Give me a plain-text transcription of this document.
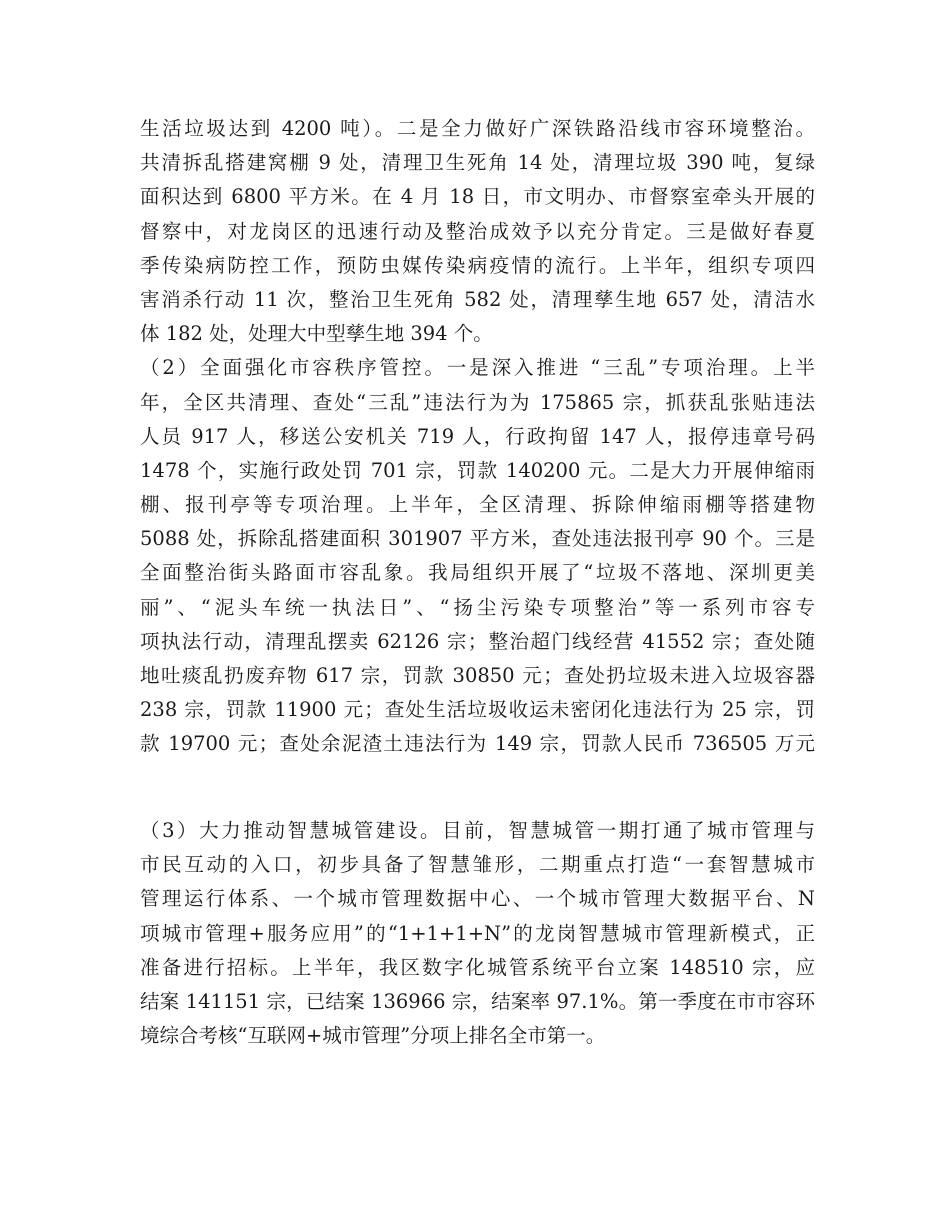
生活垃圾达到 4200 吨）。二是全力做好广深铁路沿线市容环境整治。
共清拆乱搭建窝棚 9 处，清理卫生死角 14 处，清理垃圾 390 吨，复绿
面积达到 6800 平方米。在 4 月 18 日，市文明办、市督察室牵头开展的
督察中，对龙岗区的迅速行动及整治成效予以充分肯定。三是做好春夏
季传染病防控工作，预防虫媒传染病疫情的流行。上半年，组织专项四
害消杀行动 11 次，整治卫生死角 582 处，清理孳生地 657 处，清洁水
体 182 处，处理大中型孳生地 394 个。
（2）全面强化市容秩序管控。一是深入推进 “三乱”专项治理。上半
年，全区共清理、查处“三乱”违法行为为 175865 宗，抓获乱张贴违法
人员 917 人，移送公安机关 719 人，行政拘留 147 人，报停违章号码
1478 个，实施行政处罚 701 宗，罚款 140200 元。二是大力开展伸缩雨
棚、报刊亭等专项治理。上半年，全区清理、拆除伸缩雨棚等搭建物
5088 处，拆除乱搭建面积 301907 平方米，查处违法报刊亭 90 个。三是
全面整治街头路面市容乱象。我局组织开展了“垃圾不落地、深圳更美
丽”、“泥头车统一执法日”、“扬尘污染专项整治”等一系列市容专
项执法行动，清理乱摆卖 62126 宗；整治超门线经营 41552 宗；查处随
地吐痰乱扔废弃物 617 宗，罚款 30850 元；查处扔垃圾未进入垃圾容器
238 宗，罚款 11900 元；查处生活垃圾收运未密闭化违法行为 25 宗，罚
款 19700 元；查处余泥渣土违法行为 149 宗，罚款人民币 736505 万元
（3）大力推动智慧城管建设。目前，智慧城管一期打通了城市管理与
市民互动的入口，初步具备了智慧雏形，二期重点打造“一套智慧城市
管理运行体系、一个城市管理数据中心、一个城市管理大数据平台、N
项城市管理+服务应用”的“1+1+1+N”的龙岗智慧城市管理新模式，正
准备进行招标。上半年，我区数字化城管系统平台立案 148510 宗，应
结案 141151 宗，已结案 136966 宗，结案率 97.1%。第一季度在市市容环
境综合考核“互联网+城市管理”分项上排名全市第一。
